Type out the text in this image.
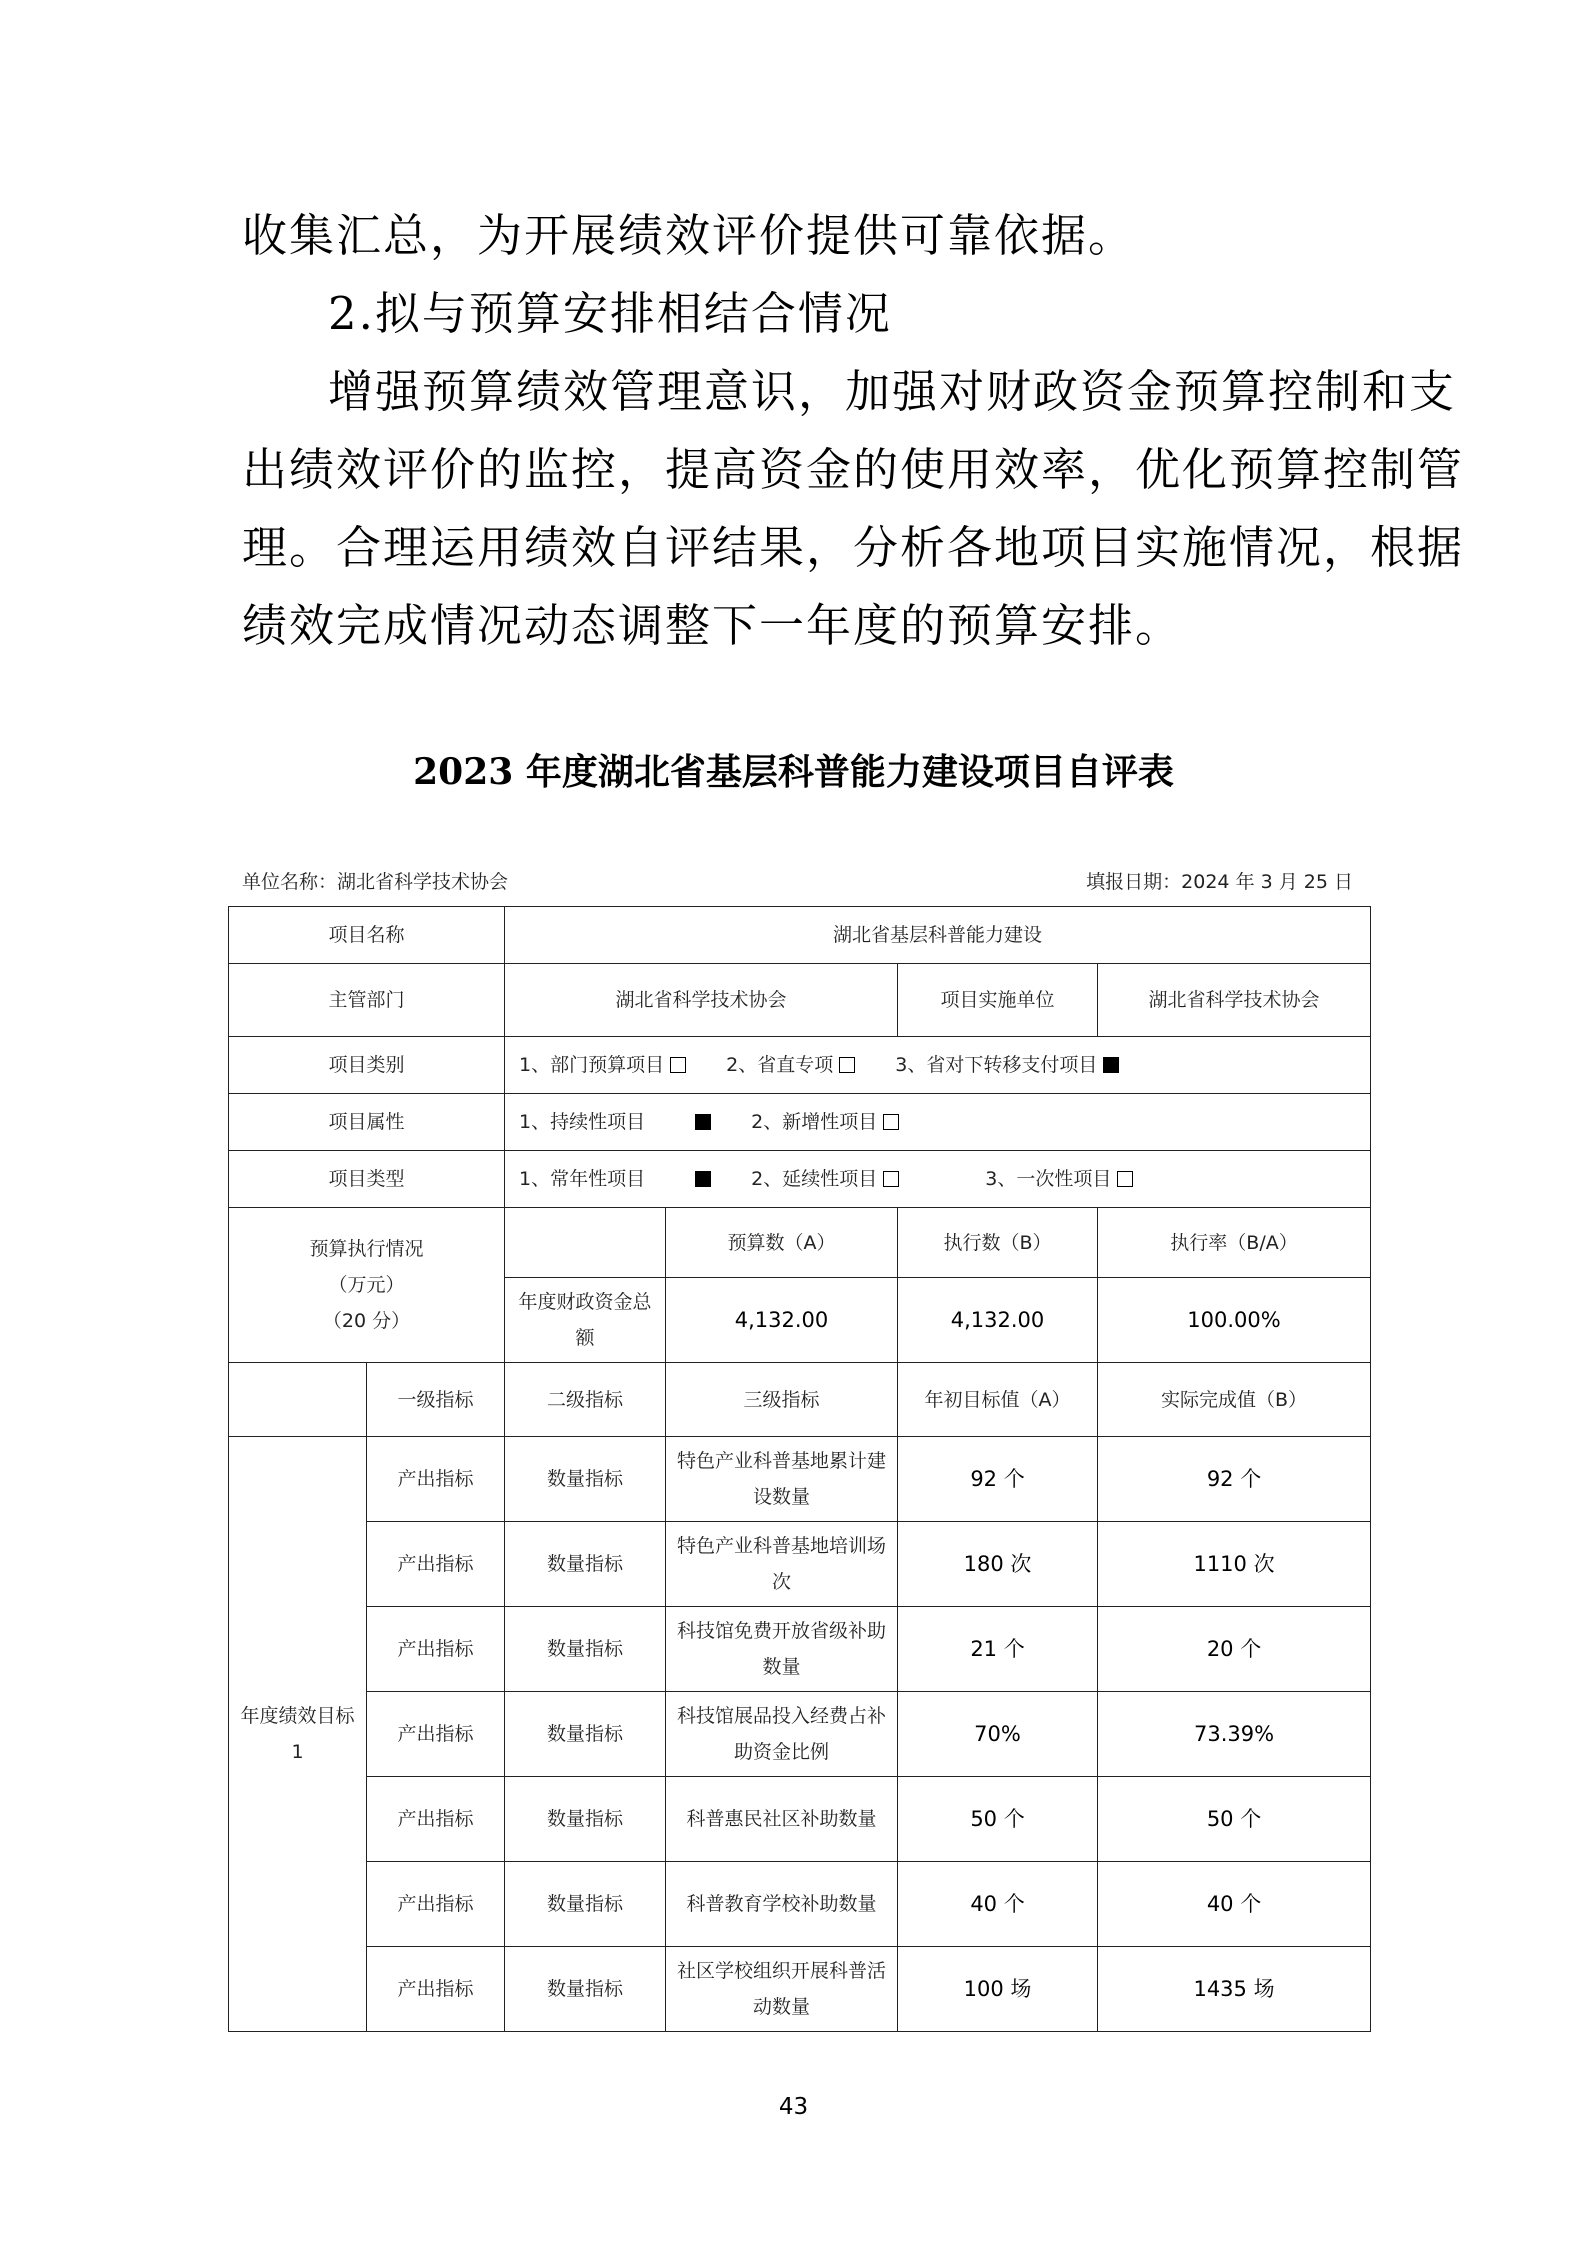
收集汇总，为开展绩效评价提供可靠依据。
2.拟与预算安排相结合情况
增强预算绩效管理意识，加强对财政资金预算控制和支
出绩效评价的监控，提高资金的使用效率，优化预算控制管
理。合理运用绩效自评结果，分析各地项目实施情况，根据
绩效完成情况动态调整下一年度的预算安排。
2023 年度湖北省基层科普能力建设项目自评表
单位名称：湖北省科学技术协会	填报日期：2024 年 3 月 25 日
项目名称		湖北省基层科普能力建设			
主管部门		湖北省科学技术协会		项目实施单位	湖北省科学技术协会
项目类别		1、部门预算项目 2、省直专项 3、省对下转移支付项目			
项目属性		1、持续性项目 2、新增性项目			
项目类型		1、常年性项目 2、延续性项目 3、一次性项目			

预算执行情况
（万元）
（20 分）			预算数（A）	执行数（B）	执行率（B/A）
		年度财政资金总额	4,132.00	4,132.00	100.00%
	一级指标	二级指标	三级指标	年初目标值（A）	实际完成值（B）
年度绩效目标 1	产出指标	数量指标	特色产业科普基地累计建设数量	92 个	92 个
	产出指标	数量指标	特色产业科普基地培训场次	180 次	1110 次
	产出指标	数量指标	科技馆免费开放省级补助数量	21 个	20 个
	产出指标	数量指标	科技馆展品投入经费占补助资金比例	70%	73.39%
	产出指标	数量指标	科普惠民社区补助数量	50 个	50 个
	产出指标	数量指标	科普教育学校补助数量	40 个	40 个
	产出指标	数量指标	社区学校组织开展科普活动数量	100 场	1435 场
43
